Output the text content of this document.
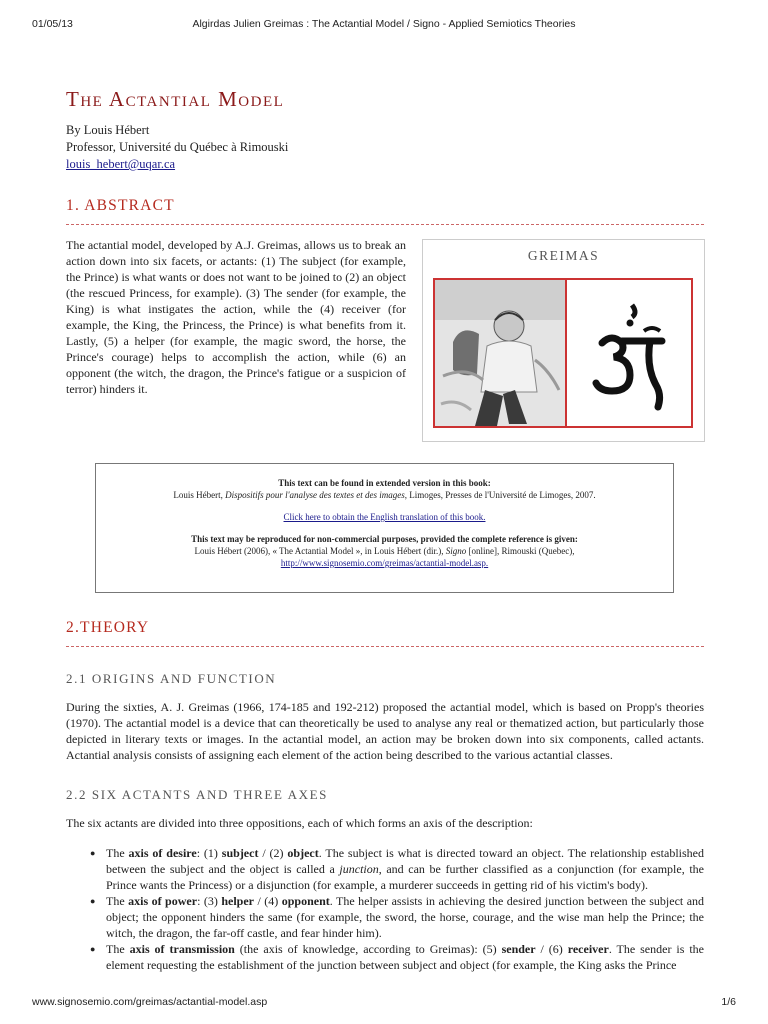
01/05/13	Algirdas Julien Greimas : The Actantial Model / Signo - Applied Semiotics Theories
The Actantial Model
By Louis Hébert
Professor, Université du Québec à Rimouski
louis_hebert@uqar.ca
1. ABSTRACT

The actantial model, developed by A.J. Greimas, allows us to break an action down into six facets, or actants: (1) The subject (for example, the Prince) is what wants or does not want to be joined to (2) an object (the rescued Princess, for example). (3) The sender (for example, the King) is what instigates the action, while the (4) receiver (for example, the King, the Princess, the Prince) is what benefits from it. Lastly, (5) a helper (for example, the magic sword, the horse, the Prince's courage) helps to accomplish the action, while (6) an opponent (the witch, the dragon, the Prince's fatigue or a suspicion of terror) hinders it.

GREIMAS
This text can be found in extended version in this book:
Louis Hébert, Dispositifs pour l'analyse des textes et des images, Limoges, Presses de l'Université de Limoges, 2007.
Click here to obtain the English translation of this book.
This text may be reproduced for non-commercial purposes, provided the complete reference is given:
Louis Hébert (2006), « The Actantial Model », in Louis Hébert (dir.), Signo [online], Rimouski (Quebec),
http://www.signosemio.com/greimas/actantial-model.asp.
2.THEORY
2.1 ORIGINS AND FUNCTION

During the sixties, A. J. Greimas (1966, 174-185 and 192-212) proposed the actantial model, which is based on Propp's theories (1970). The actantial model is a device that can theoretically be used to analyse any real or thematized action, but particularly those depicted in literary texts or images. In the actantial model, an action may be broken down into six components, called actants. Actantial analysis consists of assigning each element of the action being described to the various actantial classes.

2.2 SIX ACTANTS AND THREE AXES

The six actants are divided into three oppositions, each of which forms an axis of the description:

● The axis of desire: (1) subject / (2) object. The subject is what is directed toward an object. The relationship established between the subject and the object is called a junction, and can be further classified as a conjunction (for example, the Prince wants the Princess) or a disjunction (for example, a murderer succeeds in getting rid of his victim's body).
● The axis of power: (3) helper / (4) opponent. The helper assists in achieving the desired junction between the subject and object; the opponent hinders the same (for example, the sword, the horse, courage, and the wise man help the Prince; the witch, the dragon, the far-off castle, and fear hinder him).
● The axis of transmission (the axis of knowledge, according to Greimas): (5) sender / (6) receiver. The sender is the element requesting the establishment of the junction between subject and object (for example, the King asks the Prince
www.signosemio.com/greimas/actantial-model.asp	1/6
